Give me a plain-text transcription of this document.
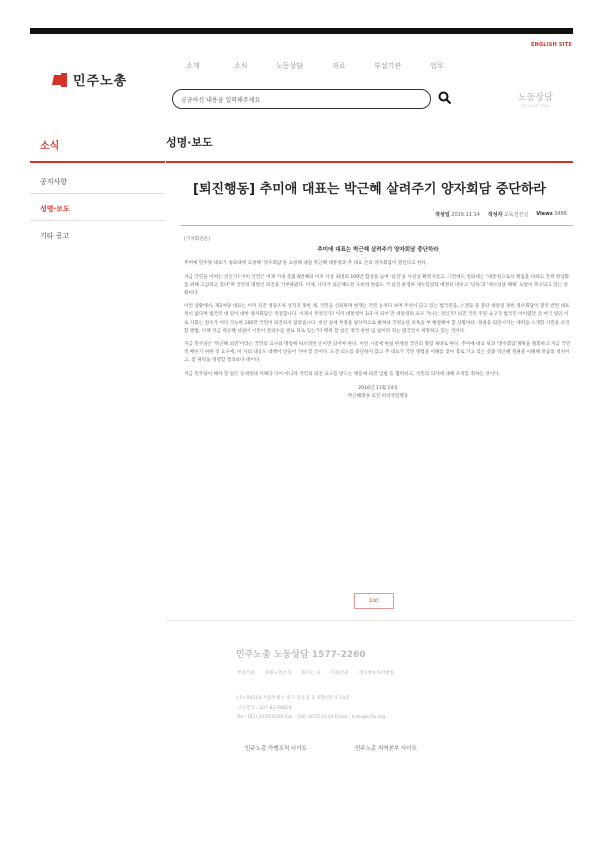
ENGLISH SITE
민주노총
소개	소식	노동상담	자료	부설기관	업무
궁금하신 내용을 입력해주세요	노동상담
민주 노동자 상담소
소식
공지사항
성명·보도
기타 공고
성명·보도
[퇴진행동] 추미애 대표는 박근혜 살려주기 양자회담 중단하라
작성일 2016.11.14 작성자 교육선전실 Views 3486
[기자회견문]
추미애 대표는 박근혜 살려주기 양자회담 중단하라

추미애 민주당 대표가 청와대에 요청해 '영수회담'을 요청해 내일 박근혜 대통령과 추 대표 간의 양자회담이 열린다고 한다.

지금 국민을 어쩌는 것인가? 이미 국민은 어제 거대 촛불 6번째의 이후 사상 최대의 100만 함성을 높여 '퇴진'을 사실상 확정지었고, 그런데도 청와대는 "대통령으로서 책임을 다하고 국정 정상화를 위해 고심하고 있다"며 국민의 명령인 퇴진을 거부하였다. 어제, 나라가 퇴근해도된 오히려 한줌도 거 퇴진 운영하 새누리당의 예정된 비우고 '단독'과 '새누리당 해체' 요청이 촉구되고 있는 상황이다.

이런 상황에서, 제1야당 대표는 이미 지진 정당조차 성격지 못한 채, 국민들 신뢰하며 현재는 국민 눈치다 보며 무엇이 되고 있는 범국민을, 스캔들 중 중단 대통령 권한 영수회담이 열린 반면 대표성이 없다며 범국민 대 일이 대한 양자회담은 적절합니다. 이제서 무엇인가? 이미 대통령이 1/3 이 되어 만 대통령의 요구 거나는 것인가? 퇴진 국민 주된 요구가 범국민 아이였던 것 여기 일인 이로 사회는 점수가 어디 가능한 100만 국민이 퇴진하지 않았습니다. 비선 실세 부정을 필사적으로 밝혀내 국정농단 의혹을 부 해결해야 할 상황이다. 정권을 퇴진시키는 세력을 소개할 시민을 조직할 방법, 이제 지금 박근혜 상권이 시민이 결의수를 결로 뒤로 있는가? 행위 할 일은 정국 관한 임 일이라 라는 범국민이 희망하고 있는 것이다.

지금 민주당은 '박근혜 퇴진'이라는 국민의 요구와 명령에 따르려면 손이면 되어야 한다. 이런 시점에 현실 한계성 국민의 명령 제대로 한다. 추미애 대표 당과 '영수회담'계획을 철회하고 지금 국민적 배우기 위한 것 요구에, 이 사퇴 대응도 대책이 만들어 가야 할 것이다. 도전 의도를 중단하지 않고 추 대표가 국민 명령을 이해를 찾아 홀로 가고 있는 촛불 박근혜 정권을 이해해 만큼의 정치이고, 할 권력을 명령할 결과보다 데이다.

지금 민주당이 해야 할 일은 동네방네 이해다 더이 아니라 국민의 퇴진 요구를 받드는 행동에 퇴진 입법 등 협력하고, 국민의 의사에 대해 조치를 취하는 것이다.

2016년 11월 14일
박근혜정권 퇴진 비상국민행동
List
민주노총 노동상담 1577-2260
부설기관 회원노조소개 회사는 몰 이용약관 개인정보처리방침
(우) 04519 서울특별시 중구 정동길 3 경향신문사 14층
고유번호 : 107-82-08928
Tel : (02) 2670-9100 Fax : (02) 2635-1134 Email : kctu@kctu.org
민주노총 가맹조직 사이트	민주노총 지역본부 사이트
